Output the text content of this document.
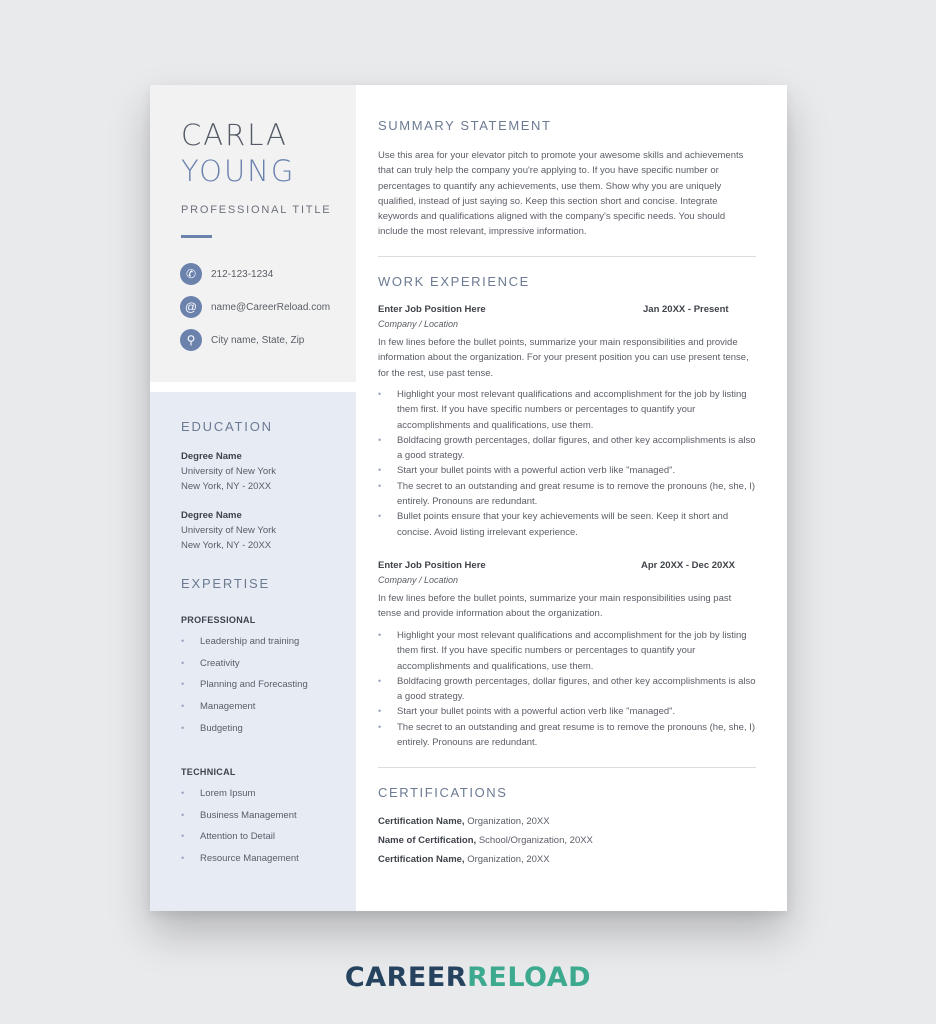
CARLA
YOUNG
PROFESSIONAL TITLE
✆	212-123-1234
@	name@CareerReload.com
⚲	City name, State, Zip
EDUCATION
Degree Name
University of New York
New York, NY - 20XX
Degree Name
University of New York
New York, NY - 20XX
EXPERTISE
PROFESSIONAL
•	Leadership and training
•	Creativity
•	Planning and Forecasting
•	Management
•	Budgeting
TECHNICAL
•	Lorem Ipsum
•	Business Management
•	Attention to Detail
•	Resource Management
SUMMARY STATEMENT
Use this area for your elevator pitch to promote your awesome skills and achievements that can truly help the company you're applying to. If you have specific number or percentages to quantify any achievements, use them. Show why you are uniquely qualified, instead of just saying so. Keep this section short and concise. Integrate keywords and qualifications aligned with the company's specific needs. You should include the most relevant, impressive information.
WORK EXPERIENCE
Enter Job Position Here	Jan 20XX - Present
Company / Location
In few lines before the bullet points, summarize your main responsibilities and provide information about the organization. For your present position you can use present tense, for the rest, use past tense.
•	Highlight your most relevant qualifications and accomplishment for the job by listing them first. If you have specific numbers or percentages to quantify your accomplishments and qualifications, use them.
•	Boldfacing growth percentages, dollar figures, and other key accomplishments is also a good strategy.
•	Start your bullet points with a powerful action verb like "managed".
•	The secret to an outstanding and great resume is to remove the pronouns (he, she, I) entirely. Pronouns are redundant.
•	Bullet points ensure that your key achievements will be seen. Keep it short and concise. Avoid listing irrelevant experience.
Enter Job Position Here	Apr 20XX - Dec 20XX
Company / Location
In few lines before the bullet points, summarize your main responsibilities using past tense and provide information about the organization.
•	Highlight your most relevant qualifications and accomplishment for the job by listing them first. If you have specific numbers or percentages to quantify your accomplishments and qualifications, use them.
•	Boldfacing growth percentages, dollar figures, and other key accomplishments is also a good strategy.
•	Start your bullet points with a powerful action verb like "managed".
•	The secret to an outstanding and great resume is to remove the pronouns (he, she, I) entirely. Pronouns are redundant.
CERTIFICATIONS
Certification Name, Organization, 20XX
Name of Certification, School/Organization, 20XX
Certification Name, Organization, 20XX
CAREERRELOAD
